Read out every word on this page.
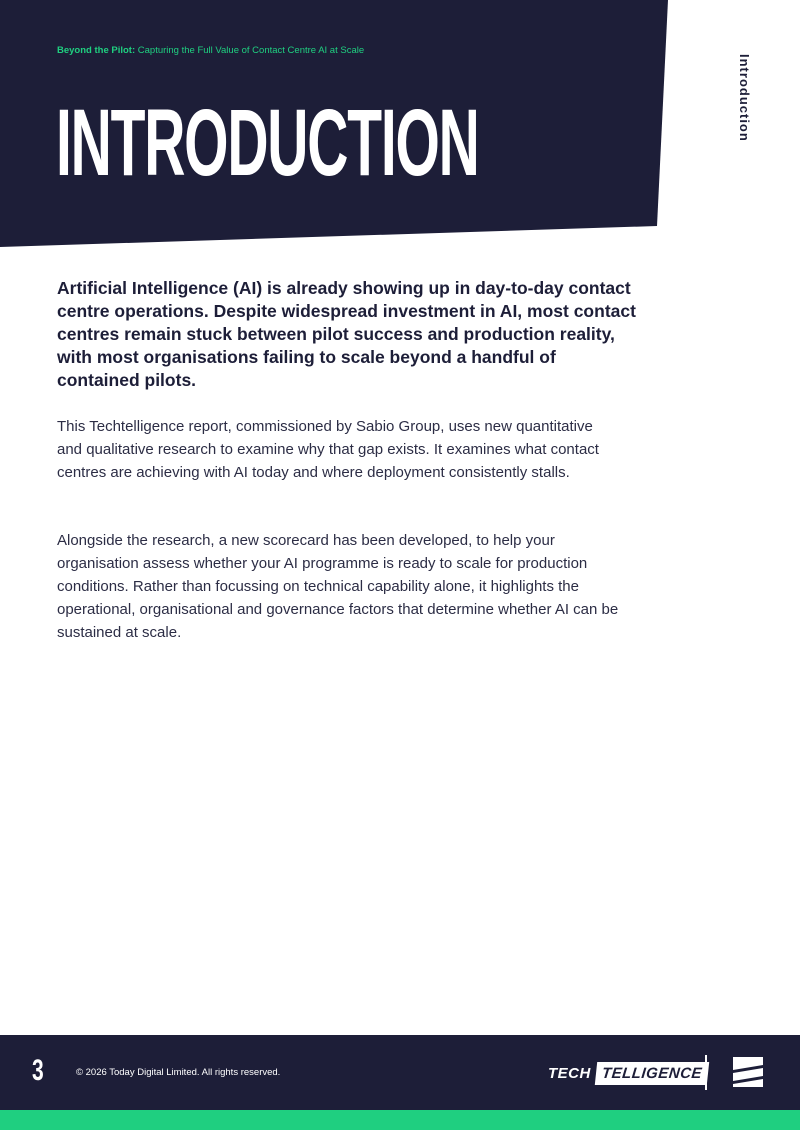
Beyond the Pilot: Capturing the Full Value of Contact Centre AI at Scale
INTRODUCTION	Introduction

Artificial Intelligence (AI) is already showing up in day-to-day contact centre operations. Despite widespread investment in AI, most contact centres remain stuck between pilot success and production reality, with most organisations failing to scale beyond a handful of contained pilots.

This Techtelligence report, commissioned by Sabio Group, uses new quantitative and qualitative research to examine why that gap exists. It examines what contact centres are achieving with AI today and where deployment consistently stalls.

Alongside the research, a new scorecard has been developed, to help your organisation assess whether your AI programme is ready to scale for production conditions. Rather than focussing on technical capability alone, it highlights the operational, organisational and governance factors that determine whether AI can be sustained at scale.

3	© 2026 Today Digital Limited. All rights reserved.	TECH TELLIGENCE
